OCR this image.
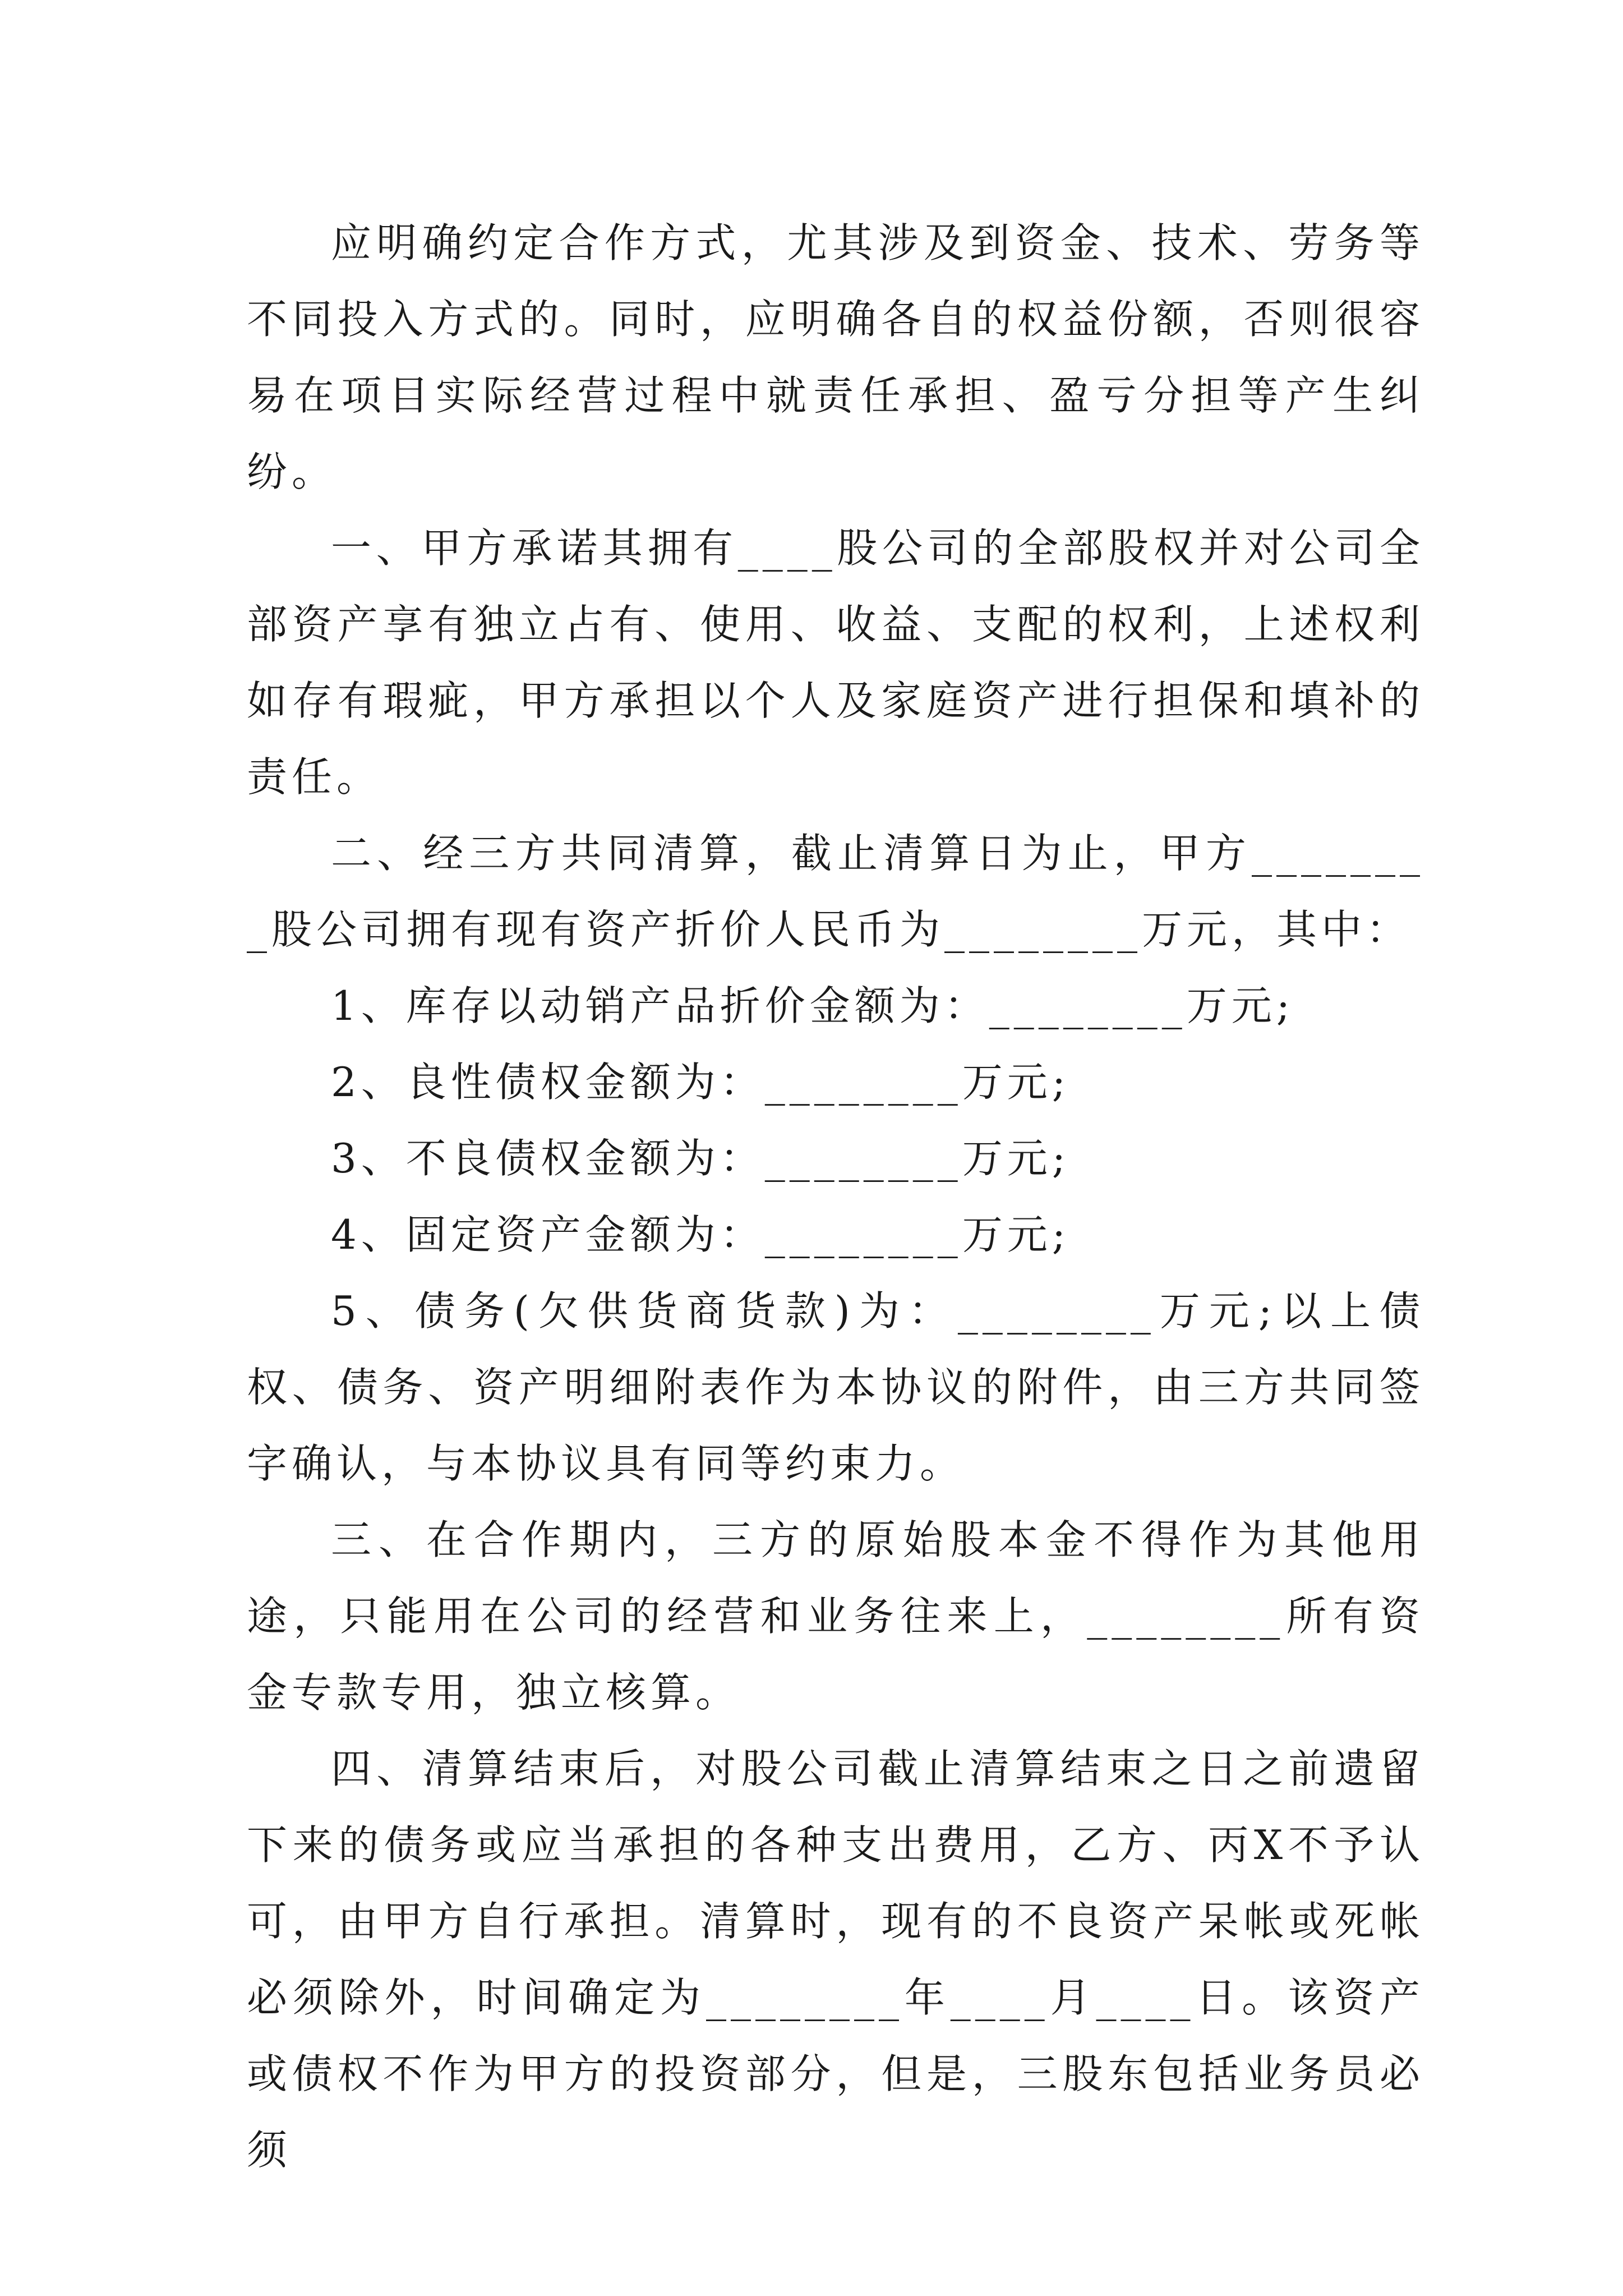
应明确约定合作方式，尤其涉及到资金、技术、劳务等不同投入方式的。同时，应明确各自的权益份额，否则很容易在项目实际经营过程中就责任承担、盈亏分担等产生纠纷。

一、甲方承诺其拥有____股公司的全部股权并对公司全部资产享有独立占有、使用、收益、支配的权利，上述权利如存有瑕疵，甲方承担以个人及家庭资产进行担保和填补的责任。

二、经三方共同清算，截止清算日为止，甲方________股公司拥有现有资产折价人民币为________万元，其中：

1、库存以动销产品折价金额为：________万元;

2、良性债权金额为：________万元;

3、不良债权金额为：________万元;

4、固定资产金额为：________万元;

5、债务(欠供货商货款)为：________万元;以上债权、债务、资产明细附表作为本协议的附件，由三方共同签字确认，与本协议具有同等约束力。

三、在合作期内，三方的原始股本金不得作为其他用途，只能用在公司的经营和业务往来上，________所有资金专款专用，独立核算。

四、清算结束后，对股公司截止清算结束之日之前遗留下来的债务或应当承担的各种支出费用，乙方、丙X不予认可，由甲方自行承担。清算时，现有的不良资产呆帐或死帐必须除外，时间确定为________年____月____日。该资产或债权不作为甲方的投资部分，但是，三股东包括业务员必须
